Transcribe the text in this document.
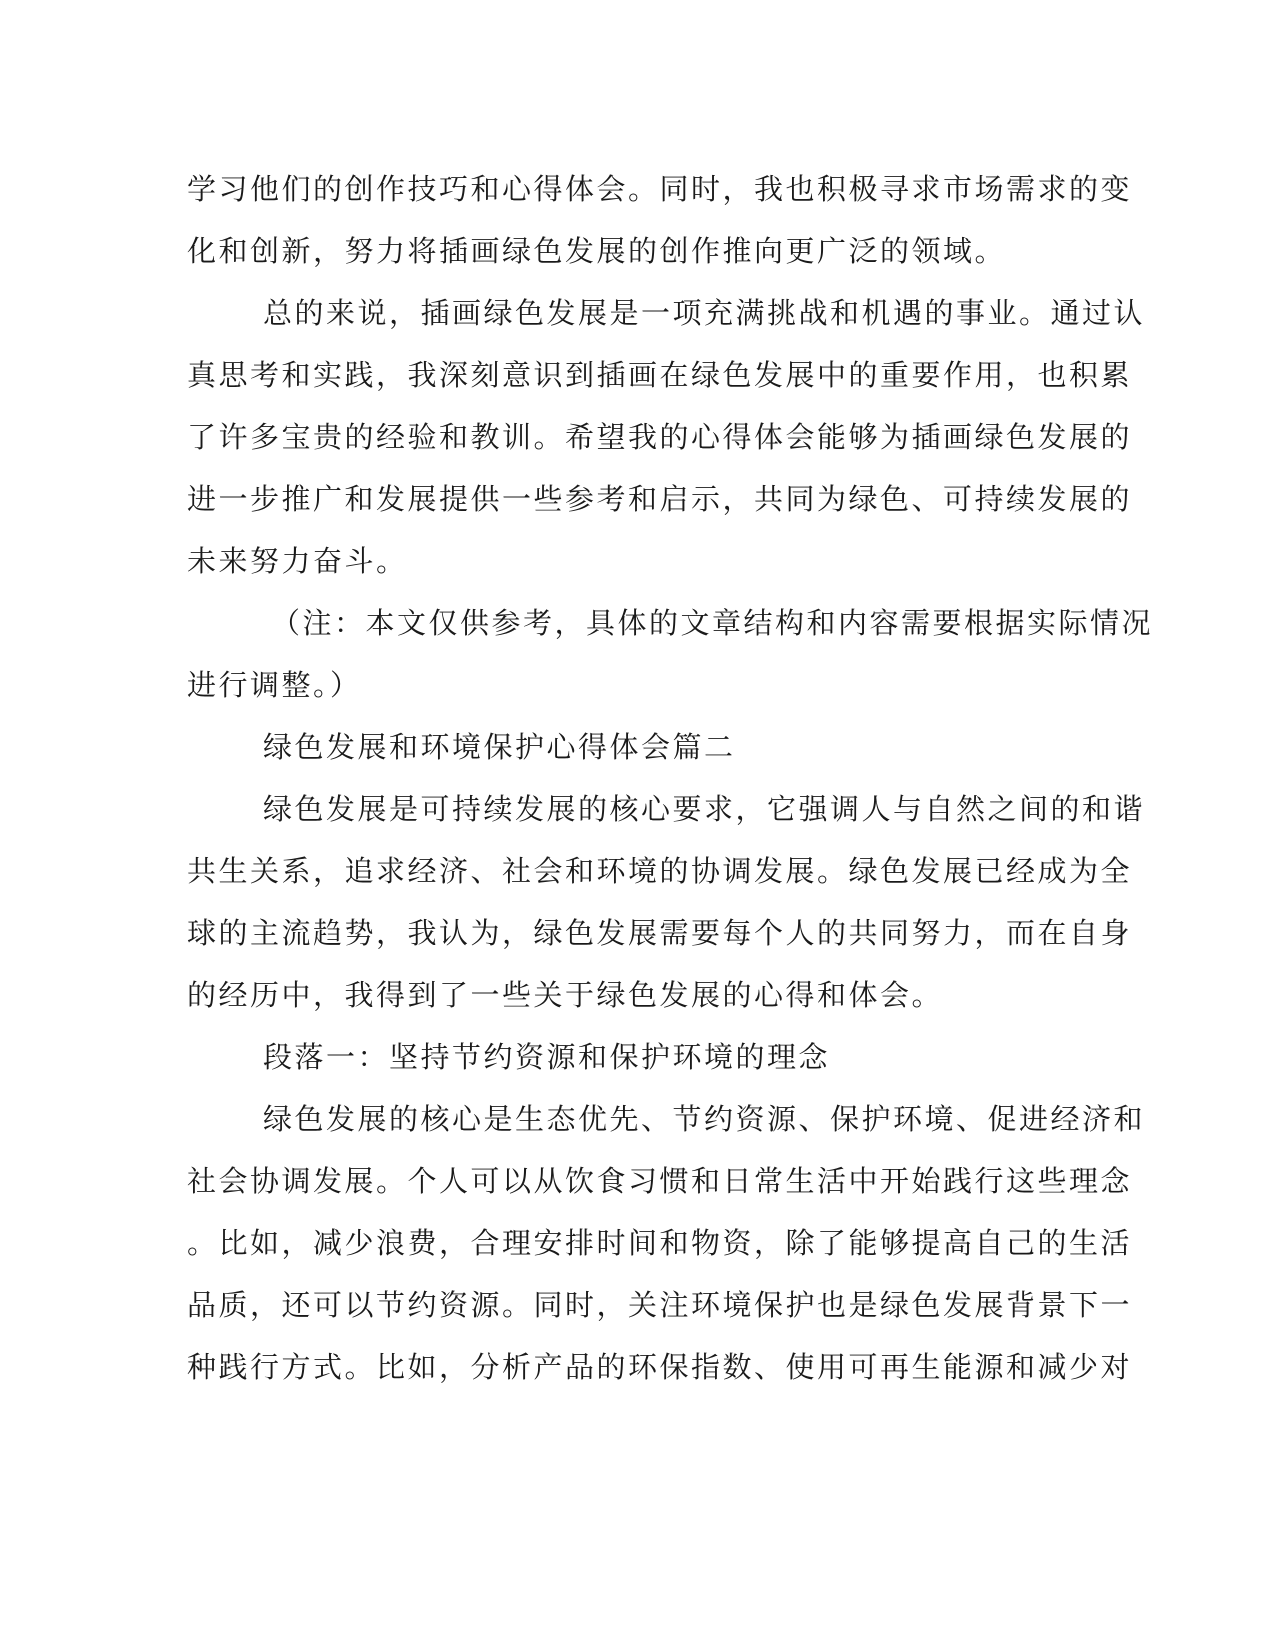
学习他们的创作技巧和心得体会。同时，我也积极寻求市场需求的变
化和创新，努力将插画绿色发展的创作推向更广泛的领域。
总的来说，插画绿色发展是一项充满挑战和机遇的事业。通过认
真思考和实践，我深刻意识到插画在绿色发展中的重要作用，也积累
了许多宝贵的经验和教训。希望我的心得体会能够为插画绿色发展的
进一步推广和发展提供一些参考和启示，共同为绿色、可持续发展的
未来努力奋斗。
（注：本文仅供参考，具体的文章结构和内容需要根据实际情况
进行调整。）
绿色发展和环境保护心得体会篇二
绿色发展是可持续发展的核心要求，它强调人与自然之间的和谐
共生关系，追求经济、社会和环境的协调发展。绿色发展已经成为全
球的主流趋势，我认为，绿色发展需要每个人的共同努力，而在自身
的经历中，我得到了一些关于绿色发展的心得和体会。
段落一：坚持节约资源和保护环境的理念
绿色发展的核心是生态优先、节约资源、保护环境、促进经济和
社会协调发展。个人可以从饮食习惯和日常生活中开始践行这些理念
。比如，减少浪费，合理安排时间和物资，除了能够提高自己的生活
品质，还可以节约资源。同时，关注环境保护也是绿色发展背景下一
种践行方式。比如，分析产品的环保指数、使用可再生能源和减少对
